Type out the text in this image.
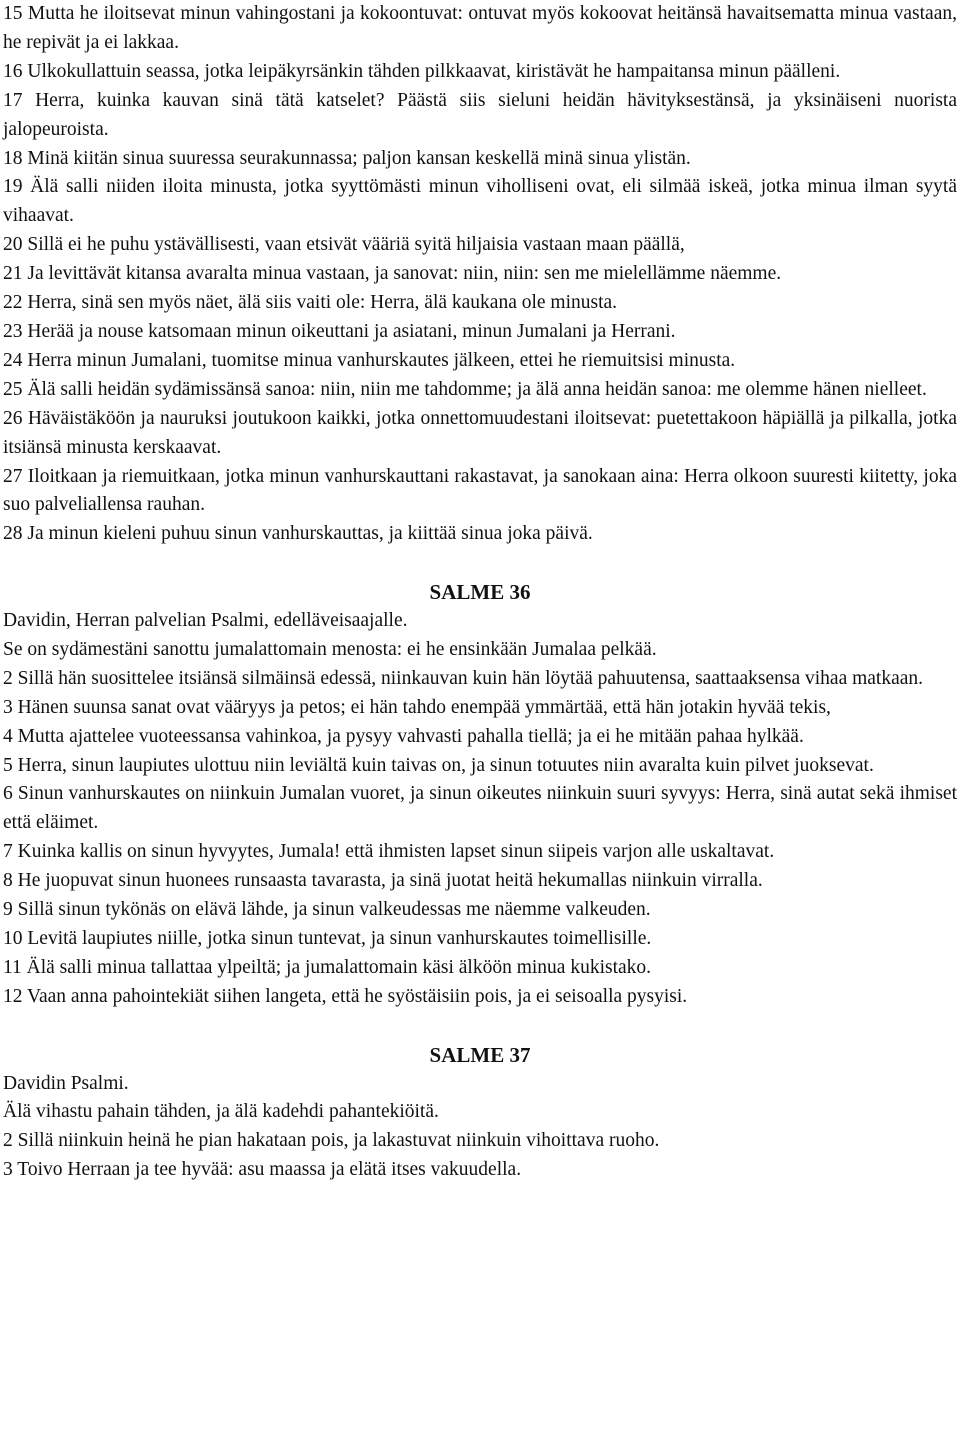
15 Mutta he iloitsevat minun vahingostani ja kokoontuvat: ontuvat myös kokoovat heitänsä havaitsematta minua vastaan, he repivät ja ei lakkaa.

16 Ulkokullattuin seassa, jotka leipäkyrsänkin tähden pilkkaavat, kiristävät he hampaitansa minun päälleni.

17 Herra, kuinka kauvan sinä tätä katselet? Päästä siis sieluni heidän hävityksestänsä, ja yksinäiseni nuorista jalopeuroista.

18 Minä kiitän sinua suuressa seurakunnassa; paljon kansan keskellä minä sinua ylistän.

19 Älä salli niiden iloita minusta, jotka syyttömästi minun vihollisenі ovat, eli silmää iskeä, jotka minua ilman syytä vihaavat.

20 Sillä ei he puhu ystävällisesti, vaan etsivät vääriä syitä hiljaisia vastaan maan päällä,

21 Ja levittävät kitansa avaralta minua vastaan, ja sanovat: niin, niin: sen me mielellämme näemme.

22 Herra, sinä sen myös näet, älä siis vaiti ole: Herra, älä kaukana ole minusta.

23 Herää ja nouse katsomaan minun oikeuttani ja asiatani, minun Jumalani ja Herrani.

24 Herra minun Jumalani, tuomitse minua vanhurskautes jälkeen, ettei he riemuitsisi minusta.

25 Älä salli heidän sydämissänsä sanoa: niin, niin me tahdomme; ja älä anna heidän sanoa: me olemme hänen nielleet.

26 Häväistäköön ja nauruksi joutukoon kaikki, jotka onnettomuudestani iloitsevat: puetettakoon häpiällä ja pilkalla, jotka itsiänsä minusta kerskaavat.

27 Iloitkaan ja riemuitkaan, jotka minun vanhurskauttani rakastavat, ja sanokaan aina: Herra olkoon suuresti kiitetty, joka suo palveliallensa rauhan.

28 Ja minun kieleni puhuu sinun vanhurskauttas, ja kiittää sinua joka päivä.

SALME 36

Davidin, Herran palvelian Psalmi, edelläveisaajalle.

Se on sydämestäni sanottu jumalattomain menosta: ei he ensinkään Jumalaa pelkää.

2 Sillä hän suosittelee itsiänsä silmäinsä edessä, niinkauvan kuin hän löytää pahuutensa, saattaaksensa vihaa matkaan.

3 Hänen suunsa sanat ovat vääryys ja petos; ei hän tahdo enempää ymmärtää, että hän jotakin hyvää tekis,

4 Mutta ajattelee vuoteessansa vahinkoa, ja pysyy vahvasti pahalla tiellä; ja ei he mitään pahaa hylkää.

5 Herra, sinun laupiutes ulottuu niin leviältä kuin taivas on, ja sinun totuutes niin avaralta kuin pilvet juoksevat.

6 Sinun vanhurskautes on niinkuin Jumalan vuoret, ja sinun oikeutes niinkuin suuri syvyys: Herra, sinä autat sekä ihmiset että eläimet.

7 Kuinka kallis on sinun hyvyytes, Jumala! että ihmisten lapset sinun siipeis varjon alle uskaltavat.

8 He juopuvat sinun huonees runsaasta tavarasta, ja sinä juotat heitä hekumallas niinkuin virralla.

9 Sillä sinun tykönäs on elävä lähde, ja sinun valkeudessas me näemme valkeuden.

10 Levitä laupiutes niille, jotka sinun tuntevat, ja sinun vanhurskautes toimellisille.

11 Älä salli minua tallattaa ylpeiltä; ja jumalattomain käsi älköön minua kukistako.

12 Vaan anna pahointekiät siihen langeta, että he syöstäisiin pois, ja ei seisoalla pysyisi.

SALME 37

Davidin Psalmi.

Älä vihastu pahain tähden, ja älä kadehdi pahantekiöitä.

2 Sillä niinkuin heinä he pian hakataan pois, ja lakastuvat niinkuin vihoittava ruoho.

3 Toivo Herraan ja tee hyvää: asu maassa ja elätä itses vakuudella.
